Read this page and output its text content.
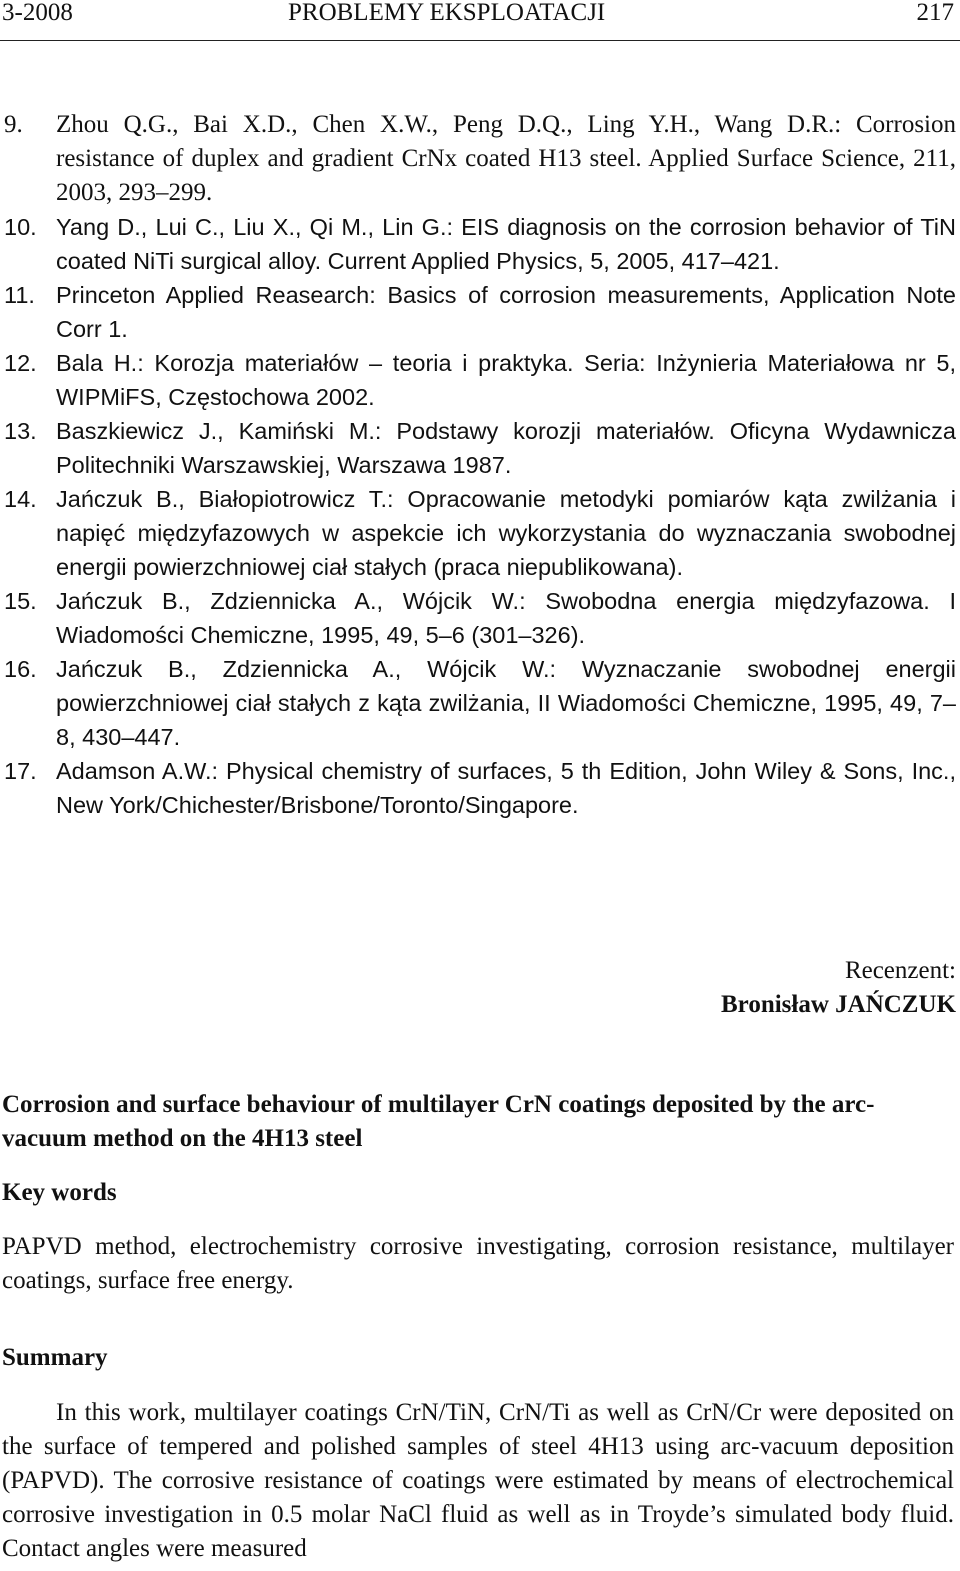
3-2008	PROBLEMY EKSPLOATACJI	217
9. Zhou Q.G., Bai X.D., Chen X.W., Peng D.Q., Ling Y.H., Wang D.R.: Corrosion resistance of duplex and gradient CrNx coated H13 steel. Applied Surface Science, 211, 2003, 293–299.
10. Yang D., Lui C., Liu X., Qi M., Lin G.: EIS diagnosis on the corrosion behavior of TiN coated NiTi surgical alloy. Current Applied Physics, 5, 2005, 417–421.
11. Princeton Applied Reasearch: Basics of corrosion measurements, Application Note Corr 1.
12. Bala H.: Korozja materiałów – teoria i praktyka. Seria: Inżynieria Materiałowa nr 5, WIPMiFS, Częstochowa 2002.
13. Baszkiewicz J., Kamiński M.: Podstawy korozji materiałów. Oficyna Wydawnicza Politechniki Warszawskiej, Warszawa 1987.
14. Jańczuk B., Białopiotrowicz T.: Opracowanie metodyki pomiarów kąta zwilżania i napięć międzyfazowych w aspekcie ich wykorzystania do wyznaczania swobodnej energii powierzchniowej ciał stałych (praca niepublikowana).
15. Jańczuk B., Zdziennicka A., Wójcik W.: Swobodna energia międzyfazowa. I Wiadomości Chemiczne, 1995, 49, 5–6 (301–326).
16. Jańczuk B., Zdziennicka A., Wójcik W.: Wyznaczanie swobodnej energii powierzchniowej ciał stałych z kąta zwilżania, II Wiadomości Chemiczne, 1995, 49, 7–8, 430–447.
17. Adamson A.W.: Physical chemistry of surfaces, 5 th Edition, John Wiley & Sons, Inc., New York/Chichester/Brisbone/Toronto/Singapore.
Recenzent:
Bronisław JAŃCZUK
Corrosion and surface behaviour of multilayer CrN coatings deposited by the arc-vacuum method on the 4H13 steel
Key words
PAPVD method, electrochemistry corrosive investigating, corrosion resistance, multilayer coatings, surface free energy.
Summary
In this work, multilayer coatings CrN/TiN, CrN/Ti as well as CrN/Cr were deposited on the surface of tempered and polished samples of steel 4H13 using arc-vacuum deposition (PAPVD). The corrosive resistance of coatings were estimated by means of electrochemical corrosive investigation in 0.5 molar NaCl fluid as well as in Troyde’s simulated body fluid. Contact angles were measured
